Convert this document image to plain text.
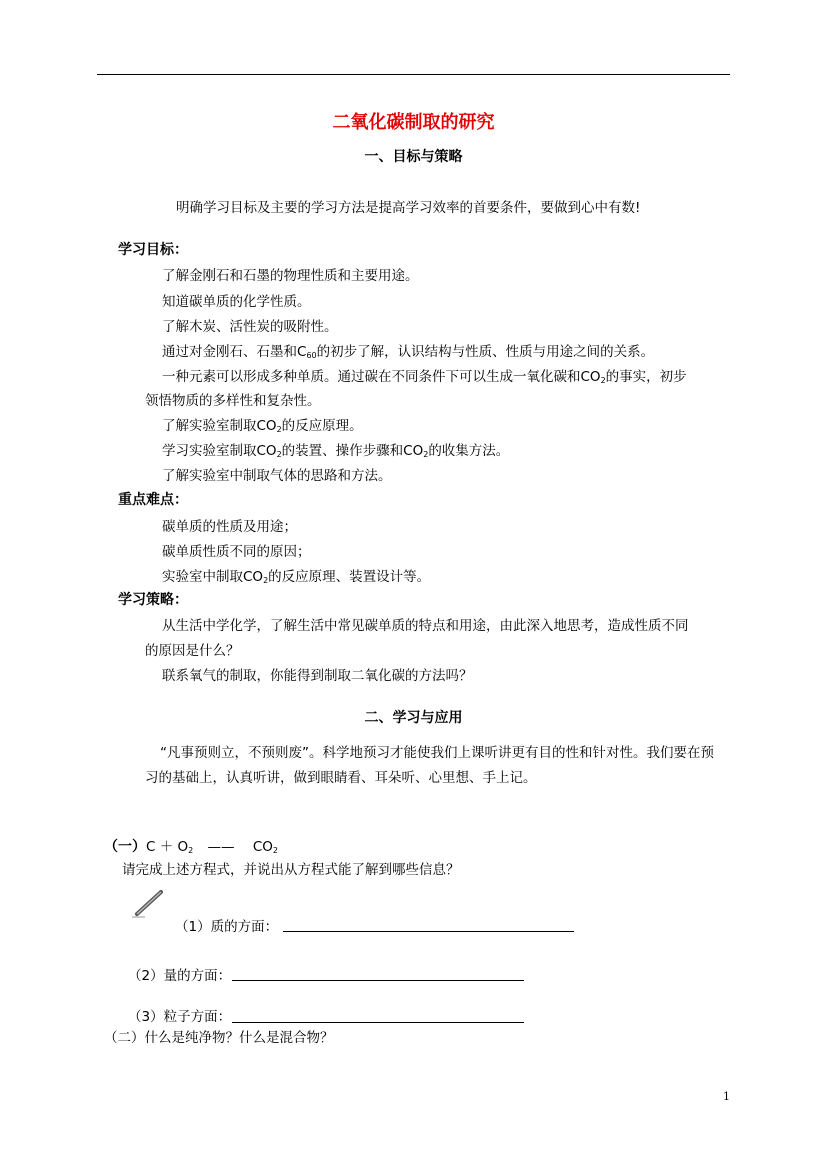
二氧化碳制取的研究
一、目标与策略
明确学习目标及主要的学习方法是提高学习效率的首要条件，要做到心中有数!
学习目标：
了解金刚石和石墨的物理性质和主要用途。
知道碳单质的化学性质。
了解木炭、活性炭的吸附性。
通过对金刚石、石墨和$C_{60}$的初步了解，认识结构与性质、性质与用途之间的关系。
一种元素可以形成多种单质。通过碳在不同条件下可以生成一氧化碳和$CO_2$的事实，初步
领悟物质的多样性和复杂性。
了解实验室制取$CO_2$的反应原理。
学习实验室制取$CO_2$的装置、操作步骤和$CO_2$的收集方法。
了解实验室中制取气体的思路和方法。
重点难点：
碳单质的性质及用途；
碳单质性质不同的原因；
实验室中制取$CO_2$的反应原理、装置设计等。
学习策略：
从生活中学化学，了解生活中常见碳单质的特点和用途，由此深入地思考，造成性质不同
的原因是什么？
联系氧气的制取，你能得到制取二氧化碳的方法吗？
二、学习与应用
“凡事预则立，不预则废”。科学地预习才能使我们上课听讲更有目的性和针对性。我们要在预
习的基础上，认真听讲，做到眼睛看、耳朵听、心里想、手上记。
（一）$C + O_2$ —— $CO_2$
请完成上述方程式，并说出从方程式能了解到哪些信息？
（1）质的方面：
（2）量的方面：
（3）粒子方面：
（二）什么是纯净物？什么是混合物？
1
